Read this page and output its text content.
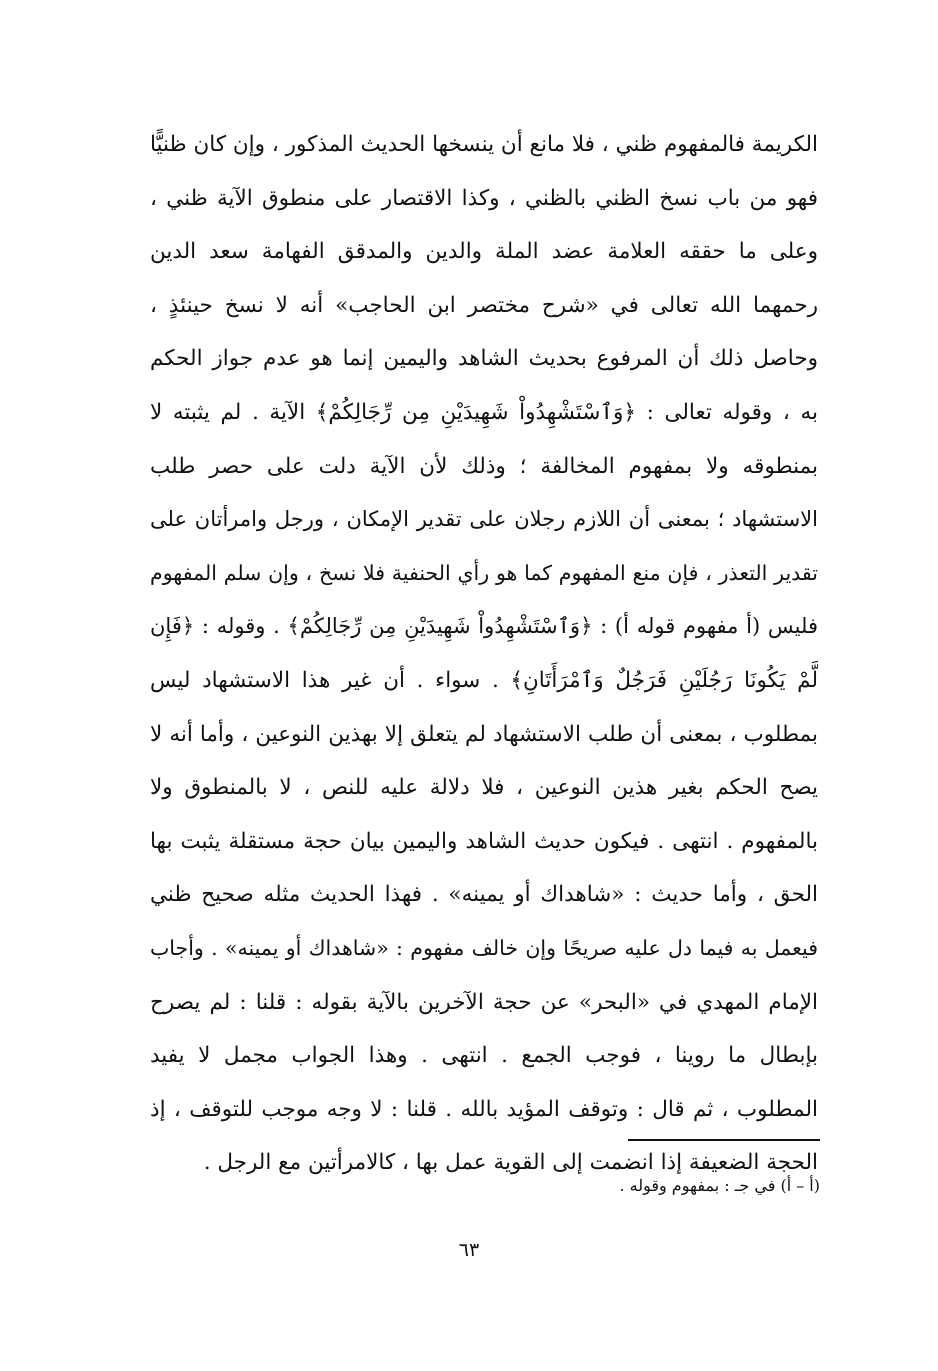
الكريمة فالمفهوم ظني ، فلا مانع أن ينسخها الحديث المذكور ، وإن كان ظنيًّا
فهو من باب نسخ الظني بالظني ، وكذا الاقتصار على منطوق الآية ظني ،
وعلى ما حققه العلامة عضد الملة والدين والمدقق الفهامة سعد الدين
رحمهما الله تعالى في «شرح مختصر ابن الحاجب» أنه لا نسخ حينئذٍ ،
وحاصل ذلك أن المرفوع بحديث الشاهد واليمين إنما هو عدم جواز الحكم
به ، وقوله تعالى : ﴿وَٱسْتَشْهِدُواْ شَهِيدَيْنِ مِن رِّجَالِكُمْ﴾ الآية . لم يثبته لا
بمنطوقه ولا بمفهوم المخالفة ؛ وذلك لأن الآية دلت على حصر طلب
الاستشهاد ؛ بمعنى أن اللازم رجلان على تقدير الإمكان ، ورجل وامرأتان على
تقدير التعذر ، فإن منع المفهوم كما هو رأي الحنفية فلا نسخ ، وإن سلم المفهوم
فليس (أ مفهوم قوله أ) : ﴿وَٱسْتَشْهِدُواْ شَهِيدَيْنِ مِن رِّجَالِكُمْ﴾ . وقوله : ﴿فَإِن
لَّمْ يَكُونَا رَجُلَيْنِ فَرَجُلٌ وَٱمْرَأَتَانِ﴾ . سواء . أن غير هذا الاستشهاد ليس
بمطلوب ، بمعنى أن طلب الاستشهاد لم يتعلق إلا بهذين النوعين ، وأما أنه لا
يصح الحكم بغير هذين النوعين ، فلا دلالة عليه للنص ، لا بالمنطوق ولا
بالمفهوم . انتهى . فيكون حديث الشاهد واليمين بيان حجة مستقلة يثبت بها
الحق ، وأما حديث : «شاهداك أو يمينه» . فهذا الحديث مثله صحيح ظني
فيعمل به فيما دل عليه صريحًا وإن خالف مفهوم : «شاهداك أو يمينه» . وأجاب
الإمام المهدي في «البحر» عن حجة الآخرين بالآية بقوله : قلنا : لم يصرح
بإبطال ما روينا ، فوجب الجمع . انتهى . وهذا الجواب مجمل لا يفيد
المطلوب ، ثم قال : وتوقف المؤيد بالله . قلنا : لا وجه موجب للتوقف ، إذ
الحجة الضعيفة إذا انضمت إلى القوية عمل بها ، كالامرأتين مع الرجل .
(أ – أ) في جـ : بمفهوم وقوله .
٦٣
